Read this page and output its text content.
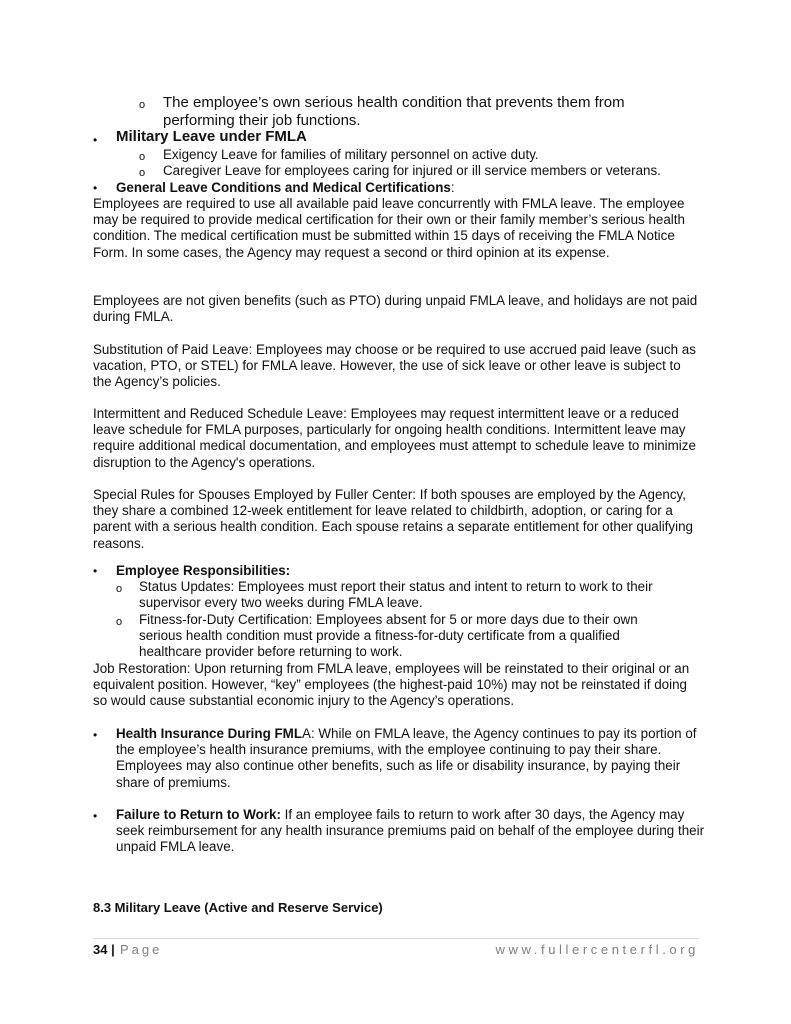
o The employee’s own serious health condition that prevents them from performing their job functions.
• Military Leave under FMLA
o Exigency Leave for families of military personnel on active duty.
o Caregiver Leave for employees caring for injured or ill service members or veterans.
• General Leave Conditions and Medical Certifications:
Employees are required to use all available paid leave concurrently with FMLA leave. The employee may be required to provide medical certification for their own or their family member’s serious health condition. The medical certification must be submitted within 15 days of receiving the FMLA Notice Form. In some cases, the Agency may request a second or third opinion at its expense.
Employees are not given benefits (such as PTO) during unpaid FMLA leave, and holidays are not paid during FMLA.
Substitution of Paid Leave: Employees may choose or be required to use accrued paid leave (such as vacation, PTO, or STEL) for FMLA leave. However, the use of sick leave or other leave is subject to the Agency’s policies.
Intermittent and Reduced Schedule Leave: Employees may request intermittent leave or a reduced leave schedule for FMLA purposes, particularly for ongoing health conditions. Intermittent leave may require additional medical documentation, and employees must attempt to schedule leave to minimize disruption to the Agency's operations.
Special Rules for Spouses Employed by Fuller Center: If both spouses are employed by the Agency, they share a combined 12-week entitlement for leave related to childbirth, adoption, or caring for a parent with a serious health condition. Each spouse retains a separate entitlement for other qualifying reasons.
• Employee Responsibilities:
o Status Updates: Employees must report their status and intent to return to work to their supervisor every two weeks during FMLA leave.
o Fitness-for-Duty Certification: Employees absent for 5 or more days due to their own serious health condition must provide a fitness-for-duty certificate from a qualified healthcare provider before returning to work.
Job Restoration: Upon returning from FMLA leave, employees will be reinstated to their original or an equivalent position. However, “key” employees (the highest-paid 10%) may not be reinstated if doing so would cause substantial economic injury to the Agency’s operations.
• Health Insurance During FMLA: While on FMLA leave, the Agency continues to pay its portion of the employee’s health insurance premiums, with the employee continuing to pay their share. Employees may also continue other benefits, such as life or disability insurance, by paying their share of premiums.
• Failure to Return to Work: If an employee fails to return to work after 30 days, the Agency may seek reimbursement for any health insurance premiums paid on behalf of the employee during their unpaid FMLA leave.
8.3 Military Leave (Active and Reserve Service)
34 | Page	www.fullercenterfl.org
